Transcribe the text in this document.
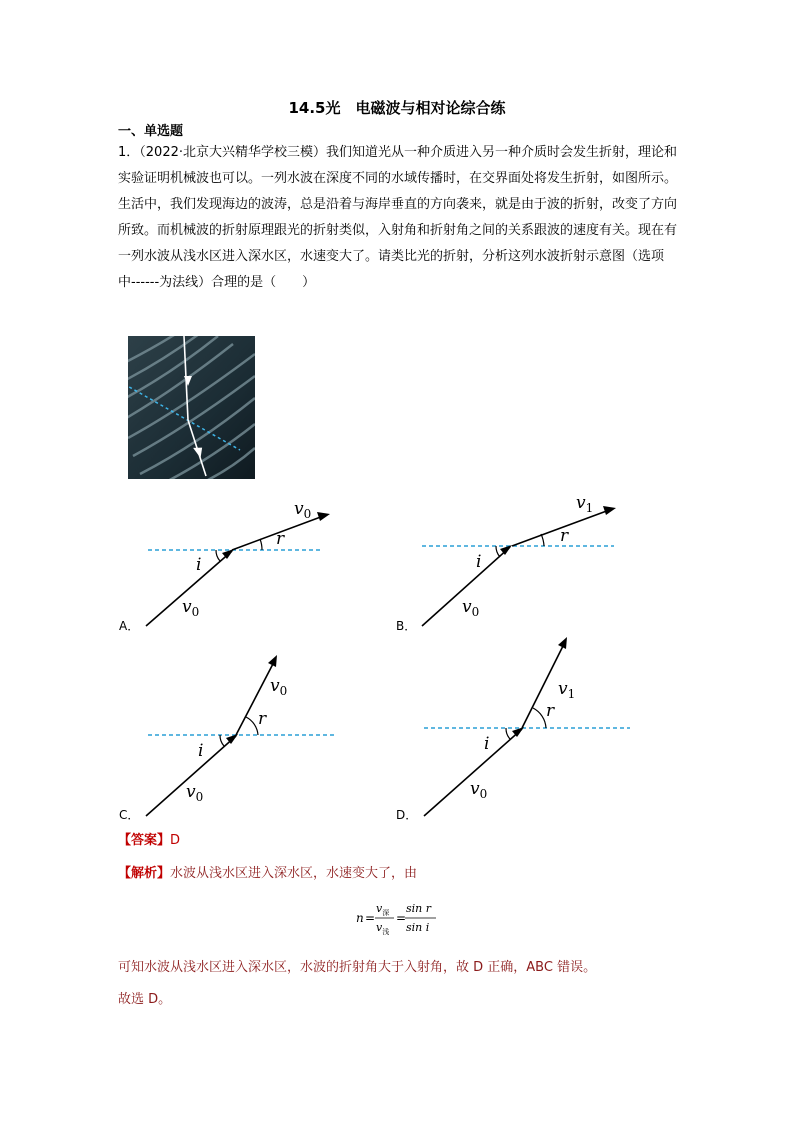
14.5光　电磁波与相对论综合练
一、单选题
1．（2022·北京大兴精华学校三模）我们知道光从一种介质进入另一种介质时会发生折射，理论和实验证明机械波也可以。一列水波在深度不同的水域传播时，在交界面处将发生折射，如图所示。生活中，我们发现海边的波涛，总是沿着与海岸垂直的方向袭来，就是由于波的折射，改变了方向所致。而机械波的折射原理跟光的折射类似，入射角和折射角之间的关系跟波的速度有关。现在有一列水波从浅水区进入深水区，水速变大了。请类比光的折射，分析这列水波折射示意图（选项中------为法线）合理的是（　　）
i
r
$v_0$
$v_0$
A．
i
r
$v_0$
$v_1$
B．
i
r
$v_0$
$v_0$
C．
i
r
$v_0$
$v_1$
D．
【答案】D
【解析】水波从浅水区进入深水区，水速变大了，由
n =
$v_深$
$v_浅$
=
sin r
sin i
可知水波从浅水区进入深水区，水波的折射角大于入射角，故 D 正确，ABC 错误。
故选 D。
